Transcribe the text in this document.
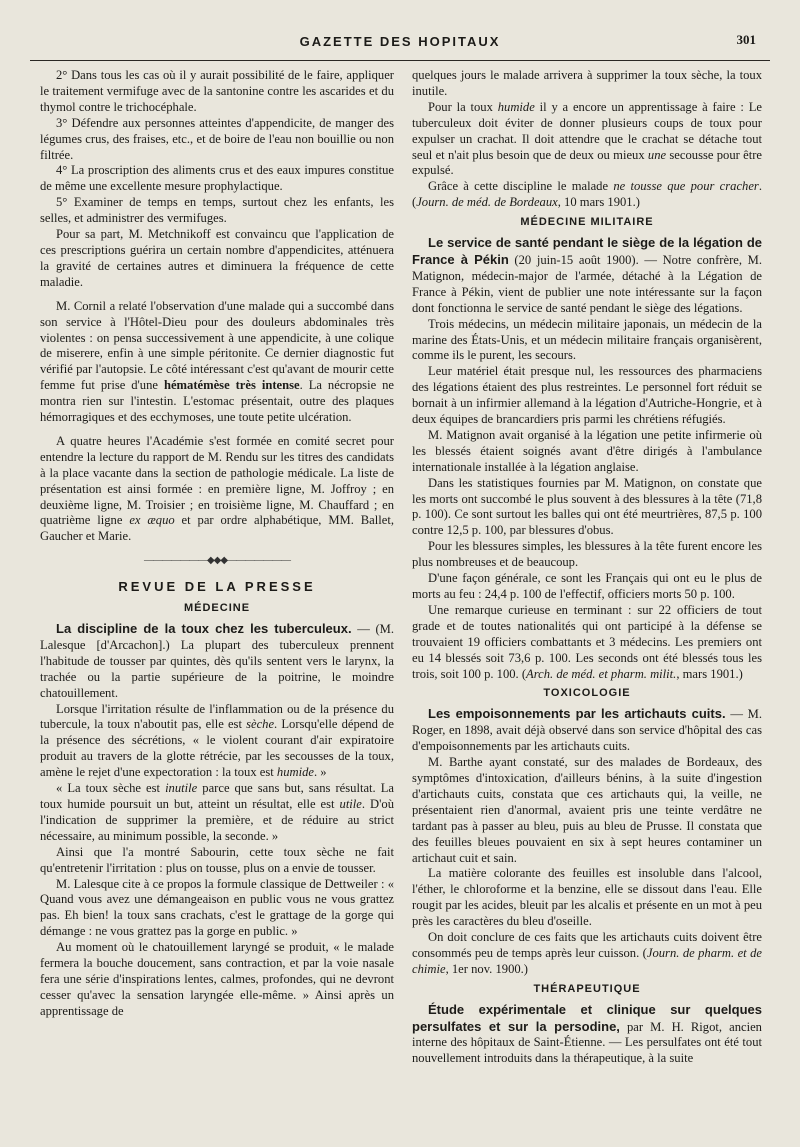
GAZETTE DES HOPITAUX	301

2° Dans tous les cas où il y aurait possibilité de le faire, appliquer le traitement vermifuge avec de la santonine contre les ascarides et du thymol contre le trichocéphale.

3° Défendre aux personnes atteintes d'appendicite, de manger des légumes crus, des fraises, etc., et de boire de l'eau non bouillie ou non filtrée.

4° La proscription des aliments crus et des eaux impures constitue de même une excellente mesure prophylactique.

5° Examiner de temps en temps, surtout chez les enfants, les selles, et administrer des vermifuges.

Pour sa part, M. Metchnikoff est convaincu que l'application de ces prescriptions guérira un certain nombre d'appendicites, atténuera la gravité de certaines autres et diminuera la fréquence de cette maladie.

M. Cornil a relaté l'observation d'une malade qui a succombé dans son service à l'Hôtel-Dieu pour des douleurs abdominales très violentes : on pensa successivement à une appendicite, à une colique de miserere, enfin à une simple péritonite. Ce dernier diagnostic fut vérifié par l'autopsie. Le côté intéressant c'est qu'avant de mourir cette femme fut prise d'une hématémèse très intense. La nécropsie ne montra rien sur l'intestin. L'estomac présentait, outre des plaques hémorragiques et des ecchymoses, une toute petite ulcération.

A quatre heures l'Académie s'est formée en comité secret pour entendre la lecture du rapport de M. Rendu sur les titres des candidats à la place vacante dans la section de pathologie médicale. La liste de présentation est ainsi formée : en première ligne, M. Joffroy ; en deuxième ligne, M. Troisier ; en troisième ligne, M. Chauffard ; en quatrième ligne ex æquo et par ordre alphabétique, MM. Ballet, Gaucher et Marie.

———————◆◆◆———————
REVUE DE LA PRESSE
MÉDECINE

La discipline de la toux chez les tuberculeux. — (M. Lalesque [d'Arcachon].) La plupart des tuberculeux prennent l'habitude de tousser par quintes, dès qu'ils sentent vers le larynx, la trachée ou la partie supérieure de la poitrine, le moindre chatouillement.

Lorsque l'irritation résulte de l'inflammation ou de la présence du tubercule, la toux n'aboutit pas, elle est sèche. Lorsqu'elle dépend de la présence des sécrétions, « le violent courant d'air expiratoire produit au travers de la glotte rétrécie, par les secousses de la toux, amène le rejet d'une expectoration : la toux est humide. »

« La toux sèche est inutile parce que sans but, sans résultat. La toux humide poursuit un but, atteint un résultat, elle est utile. D'où l'indication de supprimer la première, et de réduire au strict nécessaire, au minimum possible, la seconde. »

Ainsi que l'a montré Sabourin, cette toux sèche ne fait qu'entretenir l'irritation : plus on tousse, plus on a envie de tousser.

M. Lalesque cite à ce propos la formule classique de Dettweiler : « Quand vous avez une démangeaison en public vous ne vous grattez pas. Eh bien! la toux sans crachats, c'est le grattage de la gorge qui démange : ne vous grattez pas la gorge en public. »

Au moment où le chatouillement laryngé se produit, « le malade fermera la bouche doucement, sans contraction, et par la voie nasale fera une série d'inspirations lentes, calmes, profondes, qui ne devront cesser qu'avec la sensation laryngée elle-même. » Ainsi après un apprentissage de

quelques jours le malade arrivera à supprimer la toux sèche, la toux inutile.

Pour la toux humide il y a encore un apprentissage à faire : Le tuberculeux doit éviter de donner plusieurs coups de toux pour expulser un crachat. Il doit attendre que le crachat se détache tout seul et n'ait plus besoin que de deux ou mieux une secousse pour être expulsé.

Grâce à cette discipline le malade ne tousse que pour cracher. (Journ. de méd. de Bordeaux, 10 mars 1901.)

MÉDECINE MILITAIRE

Le service de santé pendant le siège de la légation de France à Pékin (20 juin-15 août 1900). — Notre confrère, M. Matignon, médecin-major de l'armée, détaché à la Légation de France à Pékin, vient de publier une note intéressante sur la façon dont fonctionna le service de santé pendant le siège des légations.

Trois médecins, un médecin militaire japonais, un médecin de la marine des États-Unis, et un médecin militaire français organisèrent, comme ils le purent, les secours.

Leur matériel était presque nul, les ressources des pharmaciens des légations étaient des plus restreintes. Le personnel fort réduit se bornait à un infirmier allemand à la légation d'Autriche-Hongrie, et à deux équipes de brancardiers pris parmi les chrétiens réfugiés.

M. Matignon avait organisé à la légation une petite infirmerie où les blessés étaient soignés avant d'être dirigés à l'ambulance internationale installée à la légation anglaise.

Dans les statistiques fournies par M. Matignon, on constate que les morts ont succombé le plus souvent à des blessures à la tête (71,8 p. 100). Ce sont surtout les balles qui ont été meurtrières, 87,5 p. 100 contre 12,5 p. 100, par blessures d'obus.

Pour les blessures simples, les blessures à la tête furent encore les plus nombreuses et de beaucoup.

D'une façon générale, ce sont les Français qui ont eu le plus de morts au feu : 24,4 p. 100 de l'effectif, officiers morts 50 p. 100.

Une remarque curieuse en terminant : sur 22 officiers de tout grade et de toutes nationalités qui ont participé à la défense se trouvaient 19 officiers combattants et 3 médecins. Les premiers ont eu 14 blessés soit 73,6 p. 100. Les seconds ont été blessés tous les trois, soit 100 p. 100. (Arch. de méd. et pharm. milit., mars 1901.)

TOXICOLOGIE

Les empoisonnements par les artichauts cuits. — M. Roger, en 1898, avait déjà observé dans son service d'hôpital des cas d'empoisonnements par les artichauts cuits.

M. Barthe ayant constaté, sur des malades de Bordeaux, des symptômes d'intoxication, d'ailleurs bénins, à la suite d'ingestion d'artichauts cuits, constata que ces artichauts qui, la veille, ne présentaient rien d'anormal, avaient pris une teinte verdâtre ne tardant pas à passer au bleu, puis au bleu de Prusse. Il constata que des feuilles bleues pouvaient en six à sept heures contaminer un artichaut cuit et sain.

La matière colorante des feuilles est insoluble dans l'alcool, l'éther, le chloroforme et la benzine, elle se dissout dans l'eau. Elle rougit par les acides, bleuit par les alcalis et présente en un mot à peu près les caractères du bleu d'oseille.

On doit conclure de ces faits que les artichauts cuits doivent être consommés peu de temps après leur cuisson. (Journ. de pharm. et de chimie, 1er nov. 1900.)

THÉRAPEUTIQUE

Étude expérimentale et clinique sur quelques persulfates et sur la persodine, par M. H. Rigot, ancien interne des hôpitaux de Saint-Étienne. — Les persulfates ont été tout nouvellement introduits dans la thérapeutique, à la suite
